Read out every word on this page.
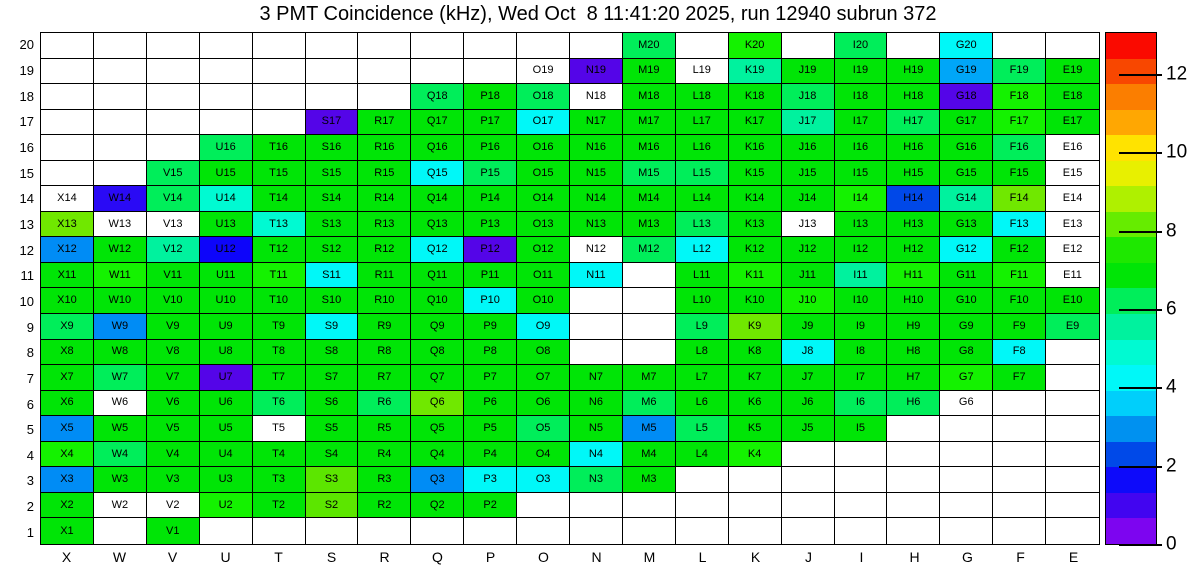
3 PMT Coincidence (kHz), Wed Oct  8 11:41:20 2025, run 12940 subrun 372
20
19
18
17
16
15
14
13
12
11
10
9
8
7
6
5
4
3
2
1
M20	K20	I20	G20
O19	N19	M19	L19	K19	J19	I19	H19	G19	F19	E19
Q18	P18	O18	N18	M18	L18	K18	J18	I18	H18	G18	F18	E18
S17	R17	Q17	P17	O17	N17	M17	L17	K17	J17	I17	H17	G17	F17	E17
U16	T16	S16	R16	Q16	P16	O16	N16	M16	L16	K16	J16	I16	H16	G16	F16	E16
V15	U15	T15	S15	R15	Q15	P15	O15	N15	M15	L15	K15	J15	I15	H15	G15	F15	E15
X14	W14	V14	U14	T14	S14	R14	Q14	P14	O14	N14	M14	L14	K14	J14	I14	H14	G14	F14	E14
X13	W13	V13	U13	T13	S13	R13	Q13	P13	O13	N13	M13	L13	K13	J13	I13	H13	G13	F13	E13
X12	W12	V12	U12	T12	S12	R12	Q12	P12	O12	N12	M12	L12	K12	J12	I12	H12	G12	F12	E12
X11	W11	V11	U11	T11	S11	R11	Q11	P11	O11	N11	L11	K11	J11	I11	H11	G11	F11	E11
X10	W10	V10	U10	T10	S10	R10	Q10	P10	O10	L10	K10	J10	I10	H10	G10	F10	E10
X9	W9	V9	U9	T9	S9	R9	Q9	P9	O9	L9	K9	J9	I9	H9	G9	F9	E9
X8	W8	V8	U8	T8	S8	R8	Q8	P8	O8	L8	K8	J8	I8	H8	G8	F8
X7	W7	V7	U7	T7	S7	R7	Q7	P7	O7	N7	M7	L7	K7	J7	I7	H7	G7	F7
X6	W6	V6	U6	T6	S6	R6	Q6	P6	O6	N6	M6	L6	K6	J6	I6	H6	G6
X5	W5	V5	U5	T5	S5	R5	Q5	P5	O5	N5	M5	L5	K5	J5	I5
X4	W4	V4	U4	T4	S4	R4	Q4	P4	O4	N4	M4	L4	K4
X3	W3	V3	U3	T3	S3	R3	Q3	P3	O3	N3	M3
X2	W2	V2	U2	T2	S2	R2	Q2	P2
X1	V1
X	W	V	U	T	S	R	Q	P	O	N	M	L	K	J	I	H	G	F	E
12
10
8
6
4
2
0
